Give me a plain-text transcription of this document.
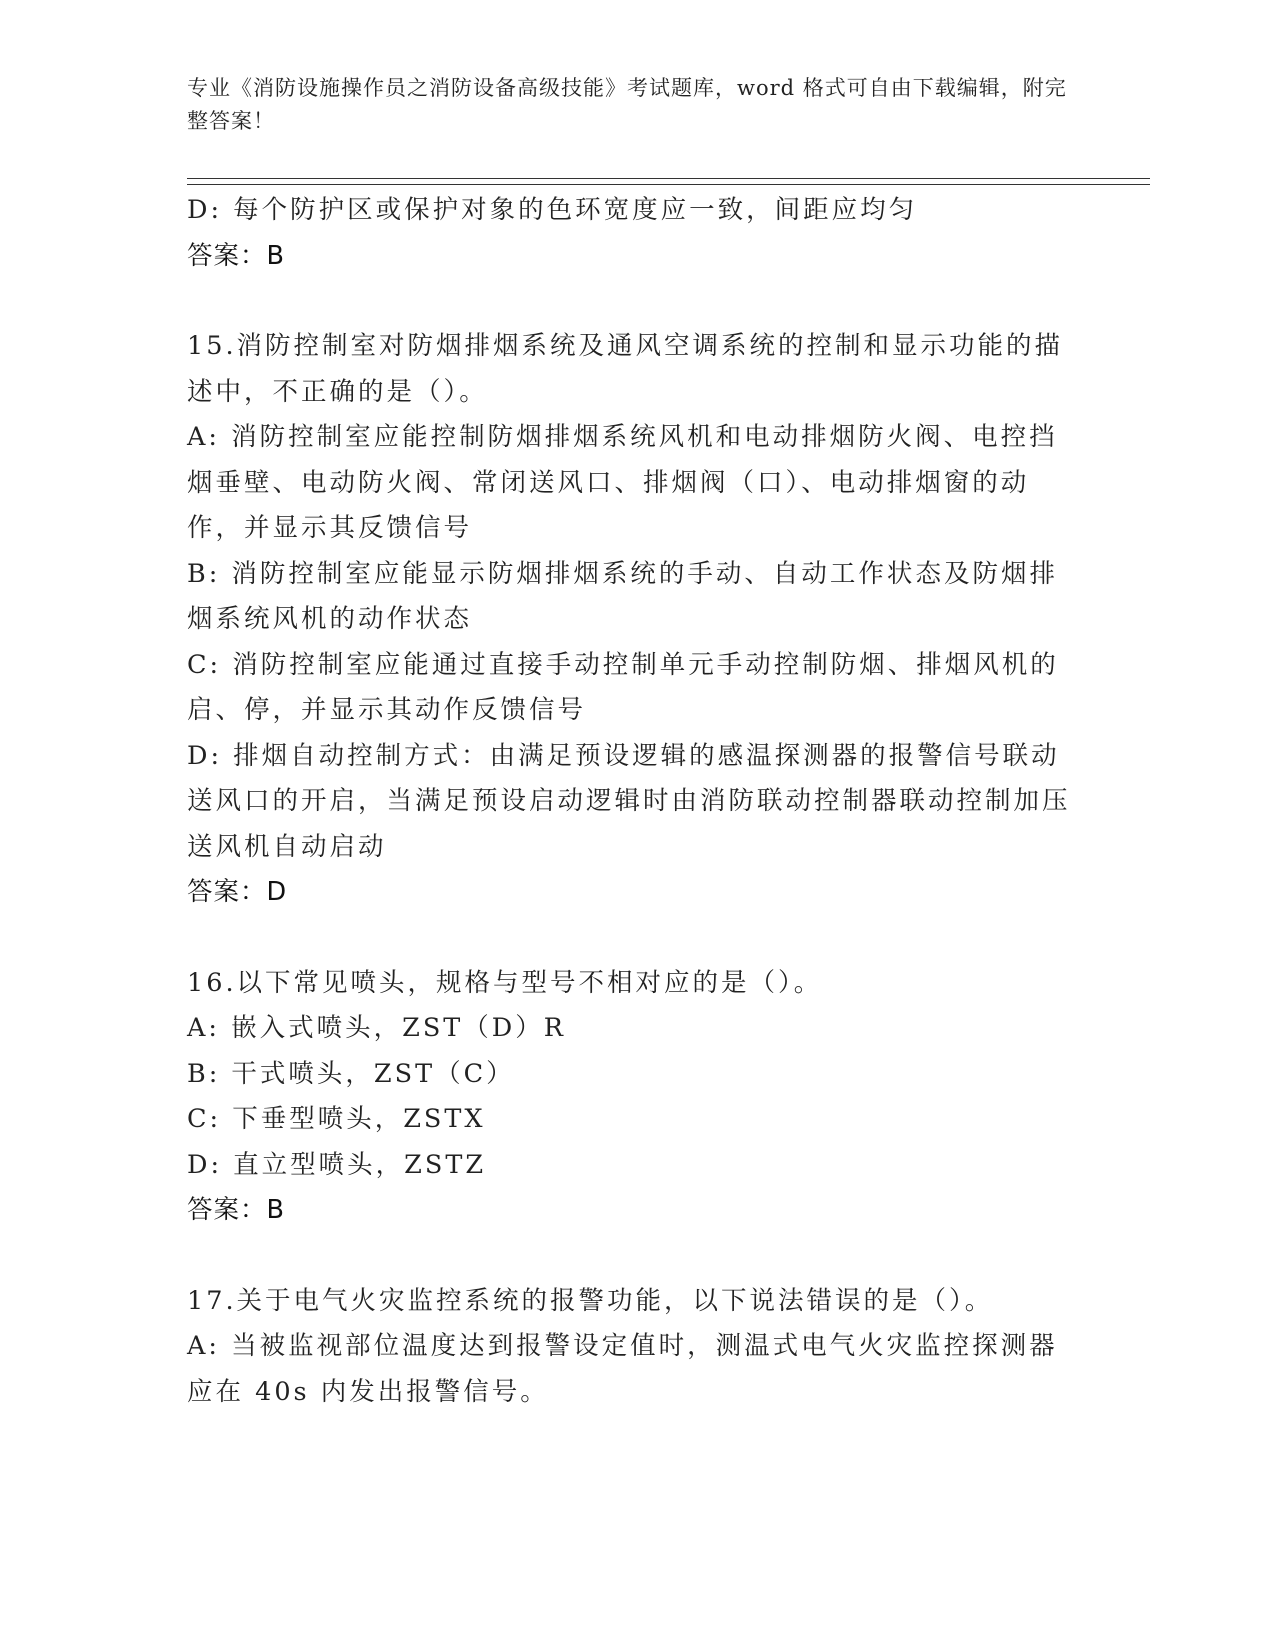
专业《消防设施操作员之消防设备高级技能》考试题库，word 格式可自由下载编辑，附完整答案！
D: 每个防护区或保护对象的色环宽度应一致，间距应均匀
答案：B
15.消防控制室对防烟排烟系统及通风空调系统的控制和显示功能的描述中，不正确的是（）。
A: 消防控制室应能控制防烟排烟系统风机和电动排烟防火阀、电控挡烟垂壁、电动防火阀、常闭送风口、排烟阀（口）、电动排烟窗的动作，并显示其反馈信号
B: 消防控制室应能显示防烟排烟系统的手动、自动工作状态及防烟排烟系统风机的动作状态
C: 消防控制室应能通过直接手动控制单元手动控制防烟、排烟风机的启、停，并显示其动作反馈信号
D: 排烟自动控制方式：由满足预设逻辑的感温探测器的报警信号联动送风口的开启，当满足预设启动逻辑时由消防联动控制器联动控制加压送风机自动启动
答案：D
16.以下常见喷头，规格与型号不相对应的是（）。
A: 嵌入式喷头，ZST（D）R
B: 干式喷头，ZST（C）
C: 下垂型喷头，ZSTX
D: 直立型喷头，ZSTZ
答案：B
17.关于电气火灾监控系统的报警功能，以下说法错误的是（）。
A: 当被监视部位温度达到报警设定值时，测温式电气火灾监控探测器应在 40s 内发出报警信号。
